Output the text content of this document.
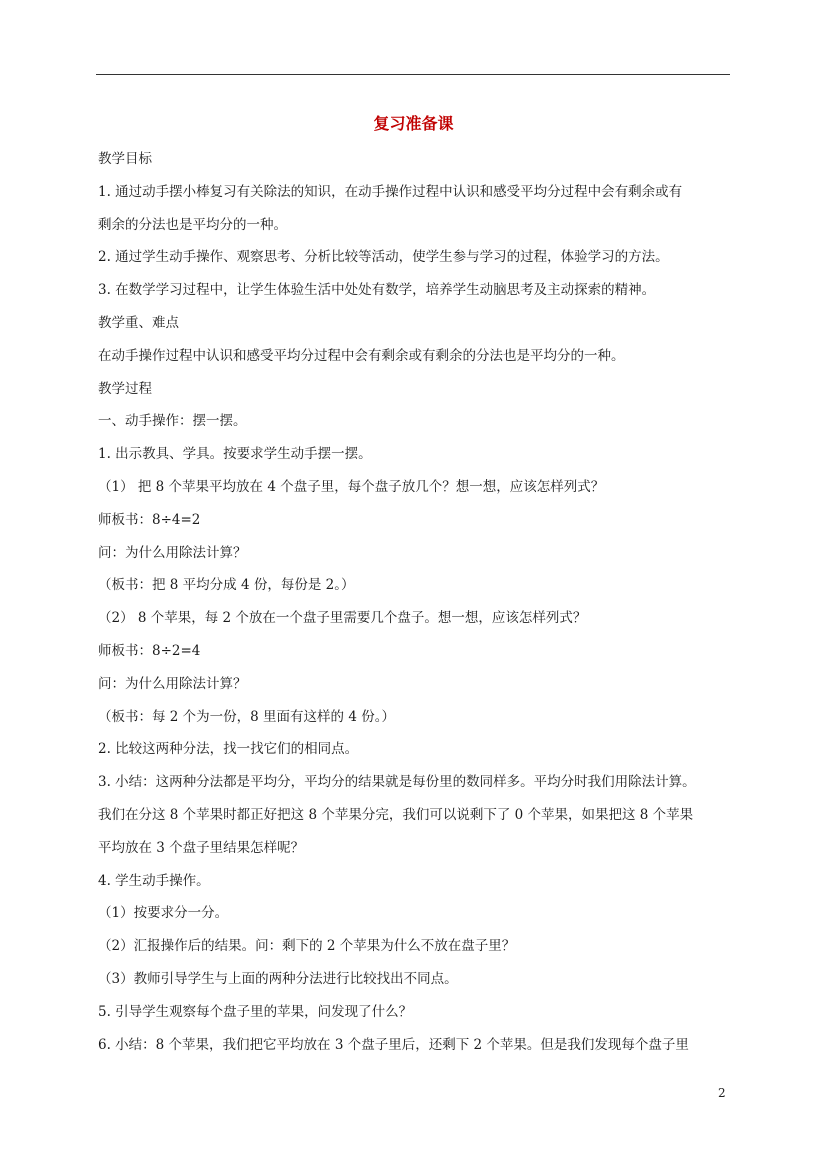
复习准备课
教学目标
1. 通过动手摆小棒复习有关除法的知识，在动手操作过程中认识和感受平均分过程中会有剩余或有
剩余的分法也是平均分的一种。
2. 通过学生动手操作、观察思考、分析比较等活动，使学生参与学习的过程，体验学习的方法。
3. 在数学学习过程中，让学生体验生活中处处有数学，培养学生动脑思考及主动探索的精神。
教学重、难点
在动手操作过程中认识和感受平均分过程中会有剩余或有剩余的分法也是平均分的一种。
教学过程
一、动手操作：摆一摆。
1. 出示教具、学具。按要求学生动手摆一摆。
（1） 把 8 个苹果平均放在 4 个盘子里，每个盘子放几个？想一想，应该怎样列式？
师板书：8÷4=2
问：为什么用除法计算？
（板书：把 8 平均分成 4 份，每份是 2。）
（2） 8 个苹果，每 2 个放在一个盘子里需要几个盘子。想一想，应该怎样列式？
师板书：8÷2=4
问：为什么用除法计算？
（板书：每 2 个为一份，8 里面有这样的 4 份。）
2. 比较这两种分法，找一找它们的相同点。
3. 小结：这两种分法都是平均分，平均分的结果就是每份里的数同样多。平均分时我们用除法计算。
我们在分这 8 个苹果时都正好把这 8 个苹果分完，我们可以说剩下了 0 个苹果，如果把这 8 个苹果
平均放在 3 个盘子里结果怎样呢？
4. 学生动手操作。
（1）按要求分一分。
（2）汇报操作后的结果。问：剩下的 2 个苹果为什么不放在盘子里？
（3）教师引导学生与上面的两种分法进行比较找出不同点。
5. 引导学生观察每个盘子里的苹果，问发现了什么？
6. 小结：8 个苹果，我们把它平均放在 3 个盘子里后，还剩下 2 个苹果。但是我们发现每个盘子里
2
